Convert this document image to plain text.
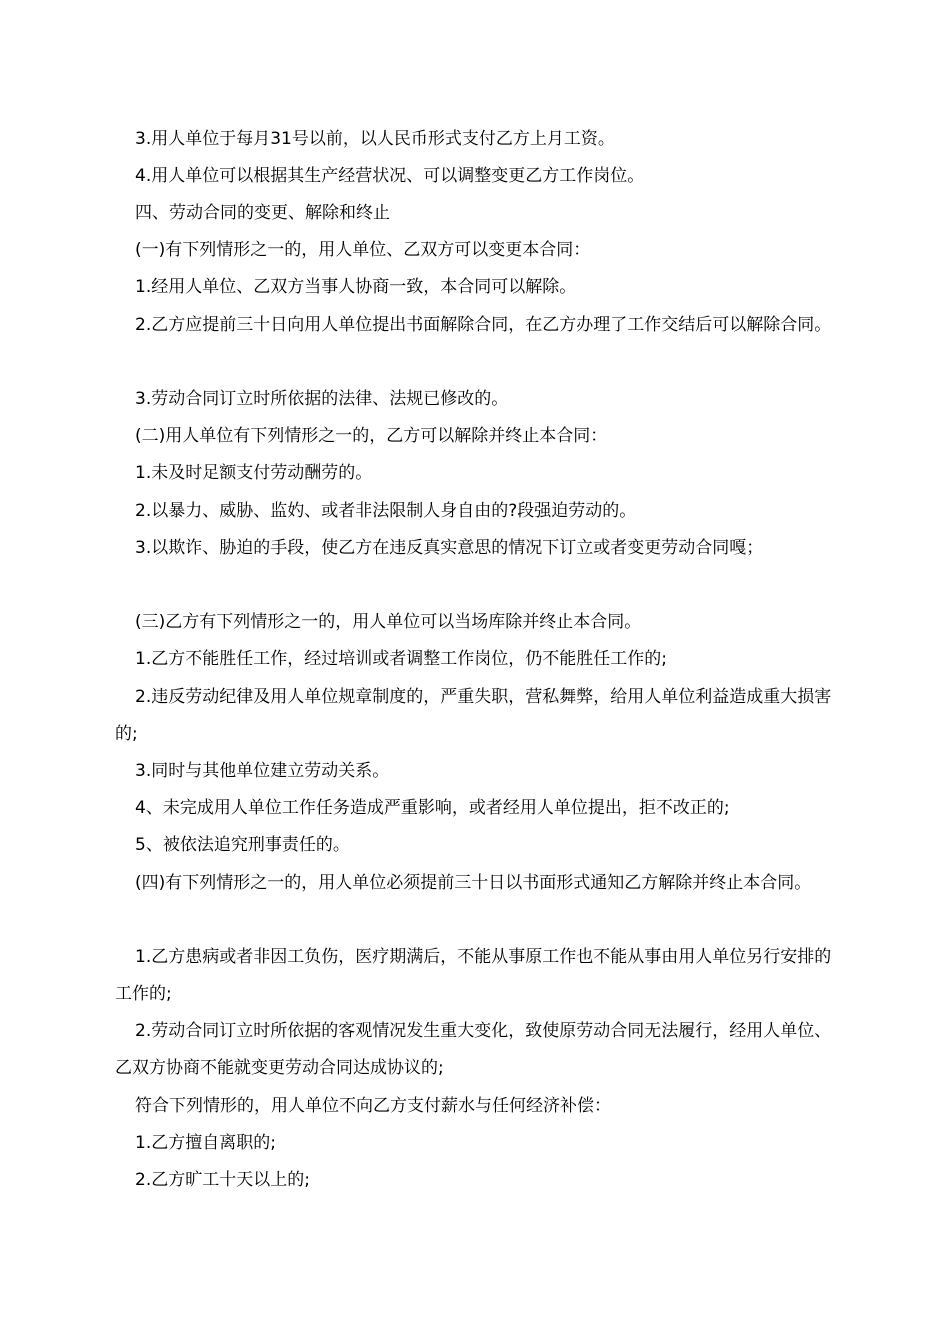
3.用人单位于每月31号以前，以人民币形式支付乙方上月工资。
4.用人单位可以根据其生产经营状况、可以调整变更乙方工作岗位。
四、劳动合同的变更、解除和终止
(一)有下列情形之一的，用人单位、乙双方可以变更本合同：
1.经用人单位、乙双方当事人协商一致，本合同可以解除。
2.乙方应提前三十日向用人单位提出书面解除合同，在乙方办理了工作交结后可以解除合同。
3.劳动合同订立时所依据的法律、法规已修改的。
(二)用人单位有下列情形之一的，乙方可以解除并终止本合同：
1.未及时足额支付劳动酬劳的。
2.以暴力、威胁、监妁、或者非法限制人身自由的?段强迫劳动的。
3.以欺诈、胁迫的手段，使乙方在违反真实意思的情况下订立或者变更劳动合同嘎；
(三)乙方有下列情形之一的，用人单位可以当场库除并终止本合同。
1.乙方不能胜任工作，经过培训或者调整工作岗位，仍不能胜任工作的;
2.违反劳动纪律及用人单位规章制度的，严重失职，营私舞弊，给用人单位利益造成重大损害的;
3.同时与其他单位建立劳动关系。
4、未完成用人单位工作任务造成严重影响，或者经用人单位提出，拒不改正的;
5、被依法追究刑事责任的。
(四)有下列情形之一的，用人单位必须提前三十日以书面形式通知乙方解除并终止本合同。
1.乙方患病或者非因工负伤，医疗期满后，不能从事原工作也不能从事由用人单位另行安排的工作的;
2.劳动合同订立时所依据的客观情况发生重大变化，致使原劳动合同无法履行，经用人单位、乙双方协商不能就变更劳动合同达成协议的;
符合下列情形的，用人单位不向乙方支付薪水与任何经济补偿：
1.乙方擅自离职的;
2.乙方旷工十天以上的;
